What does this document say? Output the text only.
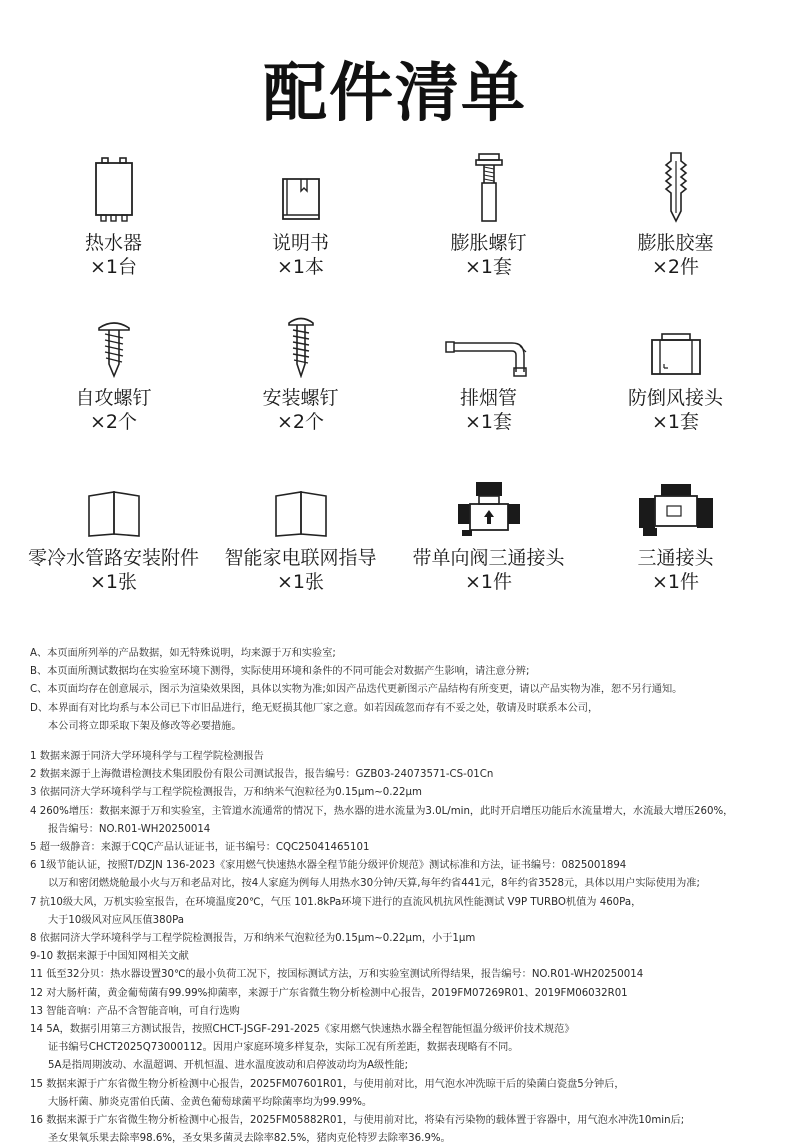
配件清单
热水器
×1台
说明书
×1本
膨胀螺钉
×1套
膨胀胶塞
×2件
自攻螺钉
×2个
安装螺钉
×2个
排烟管
×1套
防倒风接头
×1套
零冷水管路安装附件
×1张
智能家电联网指导
×1张
带单向阀三通接头
×1件
三通接头
×1件

A、本页面所列举的产品数据，如无特殊说明，均来源于万和实验室;

B、本页面所测试数据均在实验室环境下测得，实际使用环境和条件的不同可能会对数据产生影响，请注意分辨;

C、本页面均存在创意展示，图示为渲染效果图，具体以实物为准;如因产品迭代更新图示产品结构有所变更，请以产品实物为准，恕不另行通知。

D、本界面有对比均系与本公司已下市旧品进行，绝无贬损其他厂家之意。如若因疏忽而存有不妥之处，敬请及时联系本公司，

本公司将立即采取下架及修改等必要措施。

1 数据来源于同济大学环境科学与工程学院检测报告

2 数据来源于上海微谱检测技术集团股份有限公司测试报告，报告编号：GZB03-24073571-CS-01Cn

3 依据同济大学环境科学与工程学院检测报告，万和纳米气泡粒径为0.15μm~0.22μm

4 260%增压：数据来源于万和实验室，主管道水流通常的情况下，热水器的进水流量为3.0L/min，此时开启增压功能后水流量增大，水流最大增压260%，

报告编号：NO.R01-WH20250014

5 超一级静音：来源于CQC产品认证证书，证书编号：CQC25041465101

6 1级节能认证，按照T/DZJN 136-2023《家用燃气快速热水器全程节能分级评价规范》测试标准和方法，证书编号：0825001894

以万和密闭燃烧舱最小火与万和老品对比，按4人家庭为例每人用热水30分钟/天算,每年约省441元，8年约省3528元，具体以用户实际使用为准;

7 抗10级大风，万机实验室报告，在环境温度20℃，气压 101.8kPa环境下进行的直流风机抗风性能测试 V9P TURBO机值为 460Pa，

大于10级风对应风压值380Pa

8 依据同济大学环境科学与工程学院检测报告，万和纳米气泡粒径为0.15μm~0.22μm，小于1μm

9-10 数据来源于中国知网相关文献

11 低至32分贝：热水器设置30℃的最小负荷工况下，按国标测试方法，万和实验室测试所得结果，报告编号：NO.R01-WH20250014

12 对大肠杆菌，黄金葡萄菌有99.99%抑菌率，来源于广东省微生物分析检测中心报告，2019FM07269R01、2019FM06032R01

13 智能音响：产品不含智能音响，可自行选购

14 5A，数据引用第三方测试报告，按照CHCT-JSGF-291-2025《家用燃气快速热水器全程智能恒温分级评价技术规范》

证书编号CHCT2025Q73000112。因用户家庭环境多样复杂，实际工况有所差距，数据表现略有不同。

5A是指周期波动、水温超调、开机恒温、进水温度波动和启停波动均为A级性能;

15 数据来源于广东省微生物分析检测中心报告，2025FM07601R01，与使用前对比，用气泡水冲洗晾干后的染菌白瓷盘5分钟后，

大肠杆菌、肺炎克雷伯氏菌、金黄色葡萄球菌平均除菌率均为99.99%。

16 数据来源于广东省微生物分析检测中心报告，2025FM05882R01，与使用前对比，将染有污染物的载体置于容器中，用气泡水冲洗10min后;

圣女果氧乐果去除率98.6%，圣女果多菌灵去除率82.5%，猪肉克伦特罗去除率36.9%。
